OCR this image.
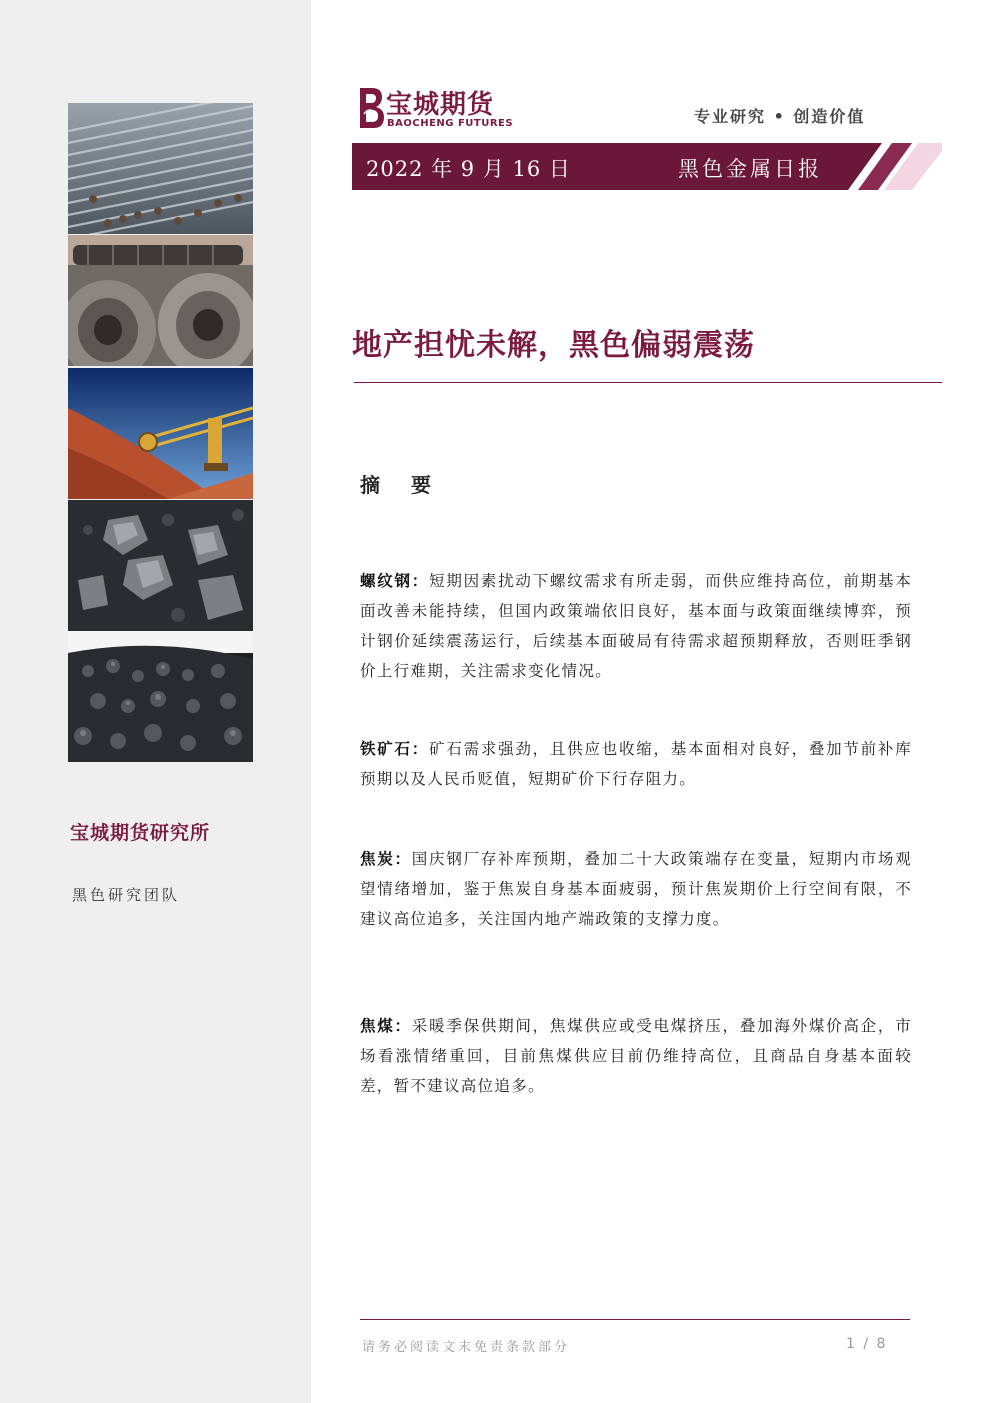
宝城期货研究所
黑色研究团队
宝城期货
BAOCHENG FUTURES	专业研究 • 创造价值
2022 年 9 月 16 日	黑色金属日报
地产担忧未解，黑色偏弱震荡
摘 要
螺纹钢：短期因素扰动下螺纹需求有所走弱，而供应维持高位，前期基本面改善未能持续，但国内政策端依旧良好，基本面与政策面继续博弈，预计钢价延续震荡运行，后续基本面破局有待需求超预期释放，否则旺季钢价上行难期，关注需求变化情况。
铁矿石：矿石需求强劲，且供应也收缩，基本面相对良好，叠加节前补库预期以及人民币贬值，短期矿价下行存阻力。
焦炭：国庆钢厂存补库预期，叠加二十大政策端存在变量，短期内市场观望情绪增加，鉴于焦炭自身基本面疲弱，预计焦炭期价上行空间有限，不建议高位追多，关注国内地产端政策的支撑力度。
焦煤：采暖季保供期间，焦煤供应或受电煤挤压，叠加海外煤价高企，市场看涨情绪重回，目前焦煤供应目前仍维持高位，且商品自身基本面较差，暂不建议高位追多。
请务必阅读文末免责条款部分	1 / 8
